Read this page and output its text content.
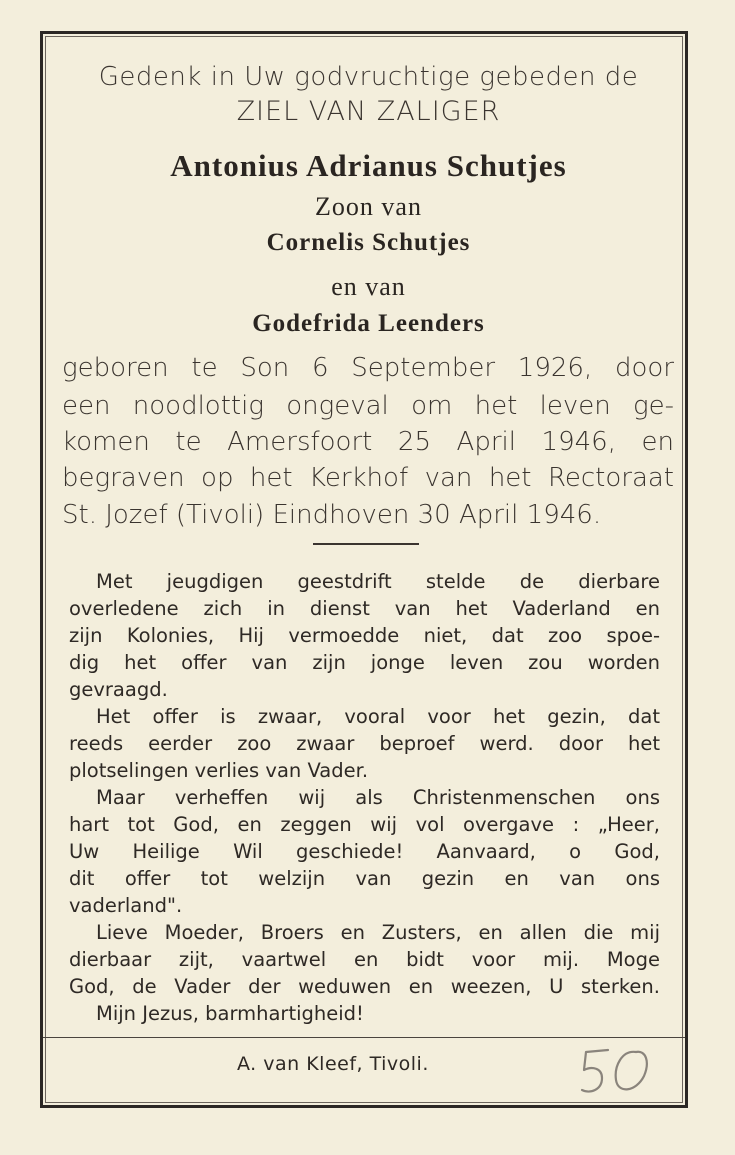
Gedenk in Uw godvruchtige gebeden de
ZIEL VAN ZALIGER
Antonius Adrianus Schutjes
Zoon van
Cornelis Schutjes
en van
Godefrida Leenders
geboren te Son 6 September 1926, door
een noodlottig ongeval om het leven ge-
komen te Amersfoort 25 April 1946, en
begraven op het Kerkhof van het Rectoraat
St. Jozef (Tivoli) Eindhoven 30 April 1946.
Met jeugdigen geestdrift stelde de dierbare
overledene zich in dienst van het Vaderland en
zijn Kolonies, Hij vermoedde niet, dat zoo spoe-
dig het offer van zijn jonge leven zou worden
gevraagd.
Het offer is zwaar, vooral voor het gezin, dat
reeds eerder zoo zwaar beproef werd. door het
plotselingen verlies van Vader.
Maar verheffen wij als Christenmenschen ons
hart tot God, en zeggen wij vol overgave : „Heer,
Uw Heilige Wil geschiede! Aanvaard, o God,
dit offer tot welzijn van gezin en van ons
vaderland".
Lieve Moeder, Broers en Zusters, en allen die mij
dierbaar zijt, vaartwel en bidt voor mij. Moge
God, de Vader der weduwen en weezen, U sterken.
Mijn Jezus, barmhartigheid!
A. van Kleef, Tivoli.
